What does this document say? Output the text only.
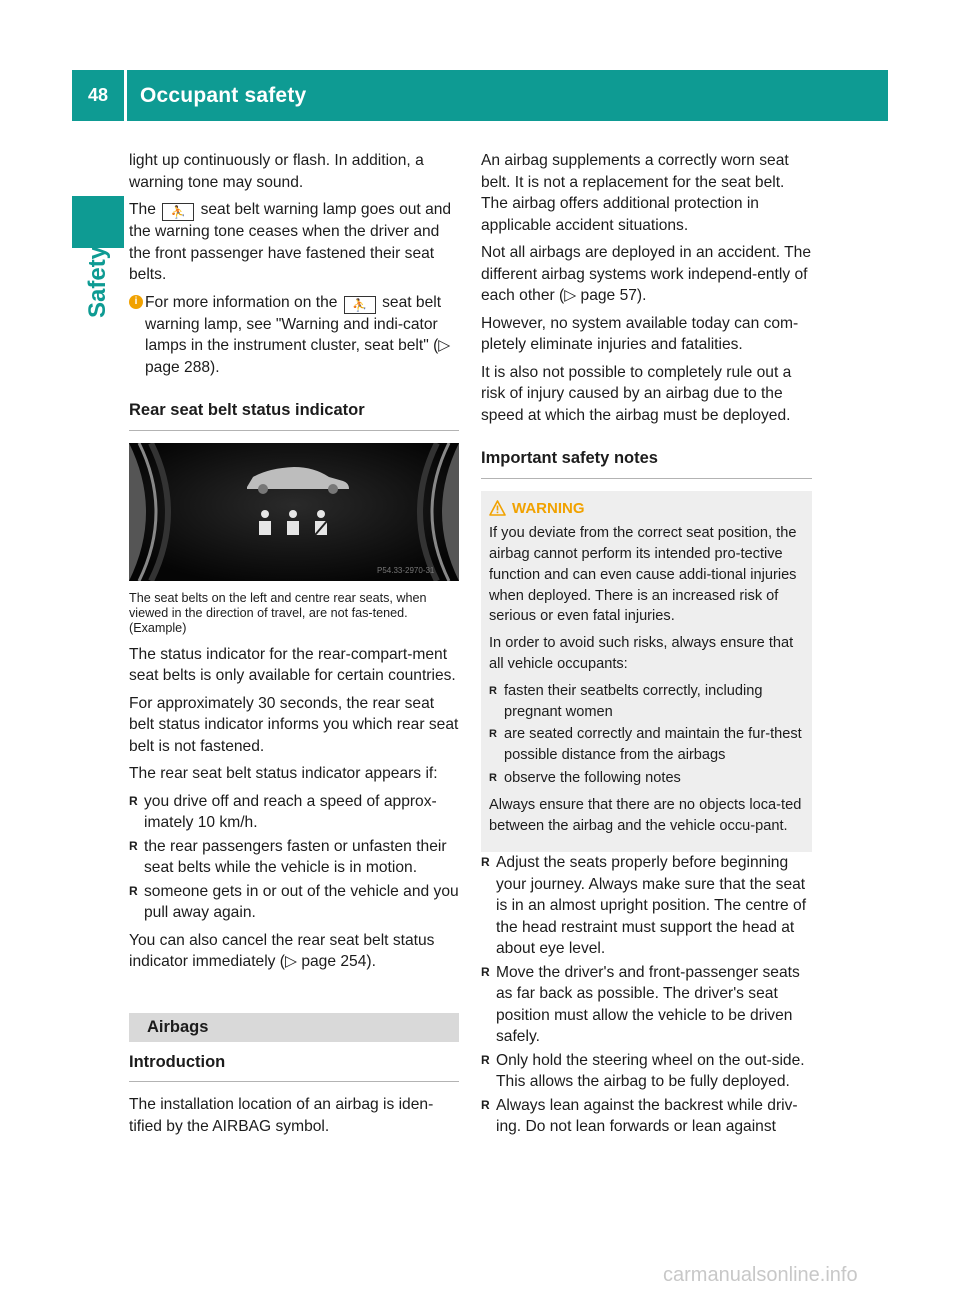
48	Occupant safety
Safety

light up continuously or flash. In addition, a warning tone may sound.

The ⛹ seat belt warning lamp goes out and the warning tone ceases when the driver and the front passenger have fastened their seat belts.

i For more information on the ⛹ seat belt warning lamp, see "Warning and indi-cator lamps in the instrument cluster, seat belt" (▷ page 288).
Rear seat belt status indicator
P54.33-2970-31

The seat belts on the left and centre rear seats, when viewed in the direction of travel, are not fas-tened. (Example)

The status indicator for the rear-compart-ment seat belts is only available for certain countries.

For approximately 30 seconds, the rear seat belt status indicator informs you which rear seat belt is not fastened.

The rear seat belt status indicator appears if:

R you drive off and reach a speed of approx-imately 10 km/h.
R the rear passengers fasten or unfasten their seat belts while the vehicle is in motion.
R someone gets in or out of the vehicle and you pull away again.

You can also cancel the rear seat belt status indicator immediately (▷ page 254).

Airbags
Introduction

The installation location of an airbag is iden-tified by the AIRBAG symbol.

An airbag supplements a correctly worn seat belt. It is not a replacement for the seat belt. The airbag offers additional protection in applicable accident situations.

Not all airbags are deployed in an accident. The different airbag systems work independ-ently of each other (▷ page 57).

However, no system available today can com-pletely eliminate injuries and fatalities.

It is also not possible to completely rule out a risk of injury caused by an airbag due to the speed at which the airbag must be deployed.

Important safety notes
WARNING

If you deviate from the correct seat position, the airbag cannot perform its intended pro-tective function and can even cause addi-tional injuries when deployed. There is an increased risk of serious or even fatal injuries.

In order to avoid such risks, always ensure that all vehicle occupants:

R fasten their seatbelts correctly, including pregnant women
R are seated correctly and maintain the fur-thest possible distance from the airbags
R observe the following notes

Always ensure that there are no objects loca-ted between the airbag and the vehicle occu-pant.

R Adjust the seats properly before beginning your journey. Always make sure that the seat is in an almost upright position. The centre of the head restraint must support the head at about eye level.
R Move the driver's and front-passenger seats as far back as possible. The driver's seat position must allow the vehicle to be driven safely.
R Only hold the steering wheel on the out-side. This allows the airbag to be fully deployed.
R Always lean against the backrest while driv-ing. Do not lean forwards or lean against
carmanualsonline.info
